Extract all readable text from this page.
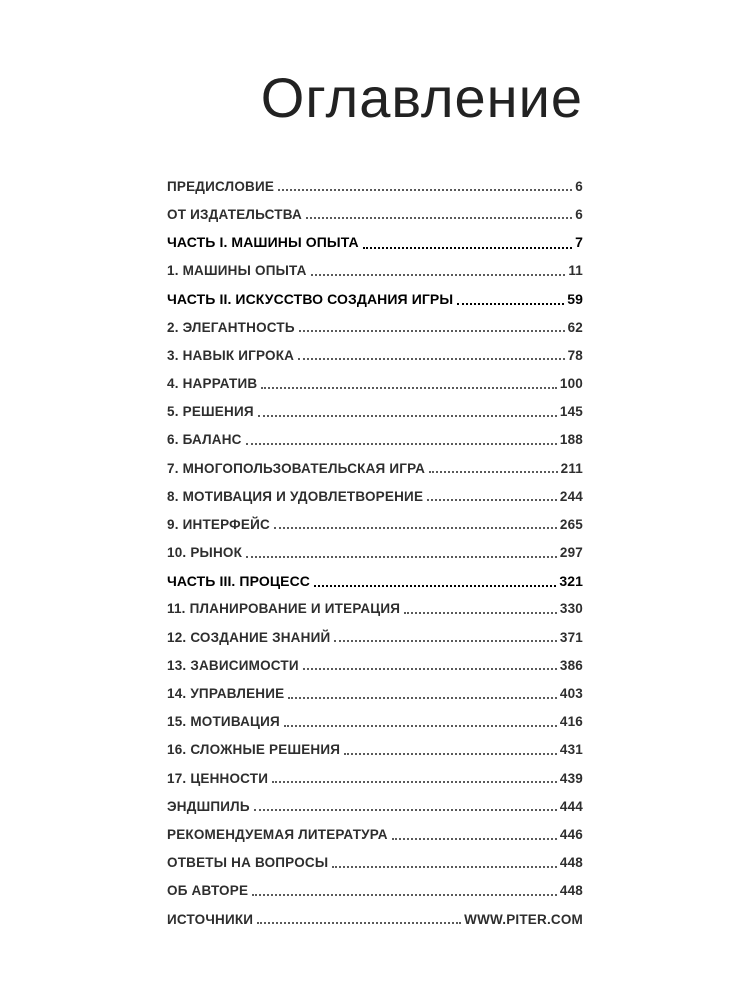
Оглавление
ПРЕДИСЛОВИЕ	6
ОТ ИЗДАТЕЛЬСТВА	6
ЧАСТЬ I. МАШИНЫ ОПЫТА	7
1. МАШИНЫ ОПЫТА	11
ЧАСТЬ II. ИСКУССТВО СОЗДАНИЯ ИГРЫ	59
2. ЭЛЕГАНТНОСТЬ	62
3. НАВЫК ИГРОКА	78
4. НАРРАТИВ	100
5. РЕШЕНИЯ	145
6. БАЛАНС	188
7. МНОГОПОЛЬЗОВАТЕЛЬСКАЯ ИГРА	211
8. МОТИВАЦИЯ И УДОВЛЕТВОРЕНИЕ	244
9. ИНТЕРФЕЙС	265
10. РЫНОК	297
ЧАСТЬ III. ПРОЦЕСС	321
11. ПЛАНИРОВАНИЕ И ИТЕРАЦИЯ	330
12. СОЗДАНИЕ ЗНАНИЙ	371
13. ЗАВИСИМОСТИ	386
14. УПРАВЛЕНИЕ	403
15. МОТИВАЦИЯ	416
16. СЛОЖНЫЕ РЕШЕНИЯ	431
17. ЦЕННОСТИ	439
ЭНДШПИЛЬ	444
РЕКОМЕНДУЕМАЯ ЛИТЕРАТУРА	446
ОТВЕТЫ НА ВОПРОСЫ	448
ОБ АВТОРЕ	448
ИСТОЧНИКИ	WWW.PITER.COM
